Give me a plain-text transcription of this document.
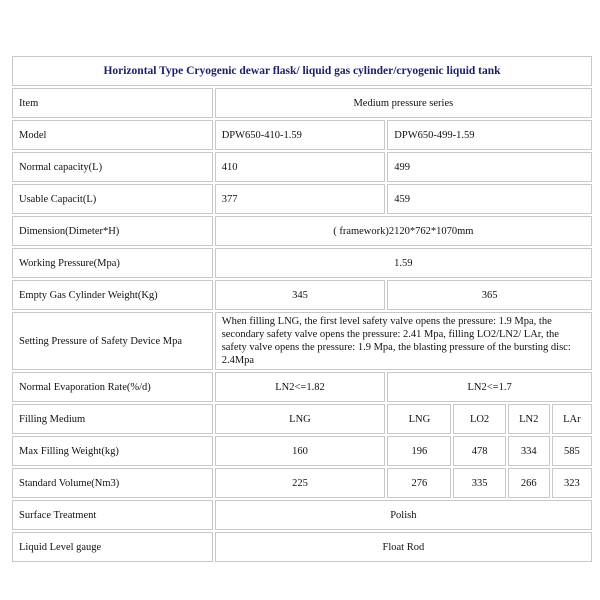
Horizontal Type Cryogenic dewar flask/ liquid gas cylinder/cryogenic liquid tank					
Item	Medium pressure series				
Model	DPW650-410-1.59	DPW650-499-1.59			
Normal capacity(L)	410	499			
Usable Capacit(L)	377	459			
Dimension(Dimeter*H)	( framework)2120*762*1070mm				
Working Pressure(Mpa)	1.59				
Empty Gas Cylinder Weight(Kg)	345	365			
Setting Pressure of Safety Device Mpa	When filling LNG, the first level safety valve opens the pressure: 1.9 Mpa, the secondary safety valve opens the pressure: 2.41 Mpa, filling LO2/LN2/ LAr, the safety valve opens the pressure: 1.9 Mpa, the blasting pressure of the bursting disc: 2.4Mpa				
Normal Evaporation Rate(%/d)	LN2<=1.82	LN2<=1.7			
Filling Medium	LNG	LNG	LO2	LN2	LAr
Max Filling Weight(kg)	160	196	478	334	585
Standard Volume(Nm3)	225	276	335	266	323
Surface Treatment	Polish				
Liquid Level gauge	Float Rod				
